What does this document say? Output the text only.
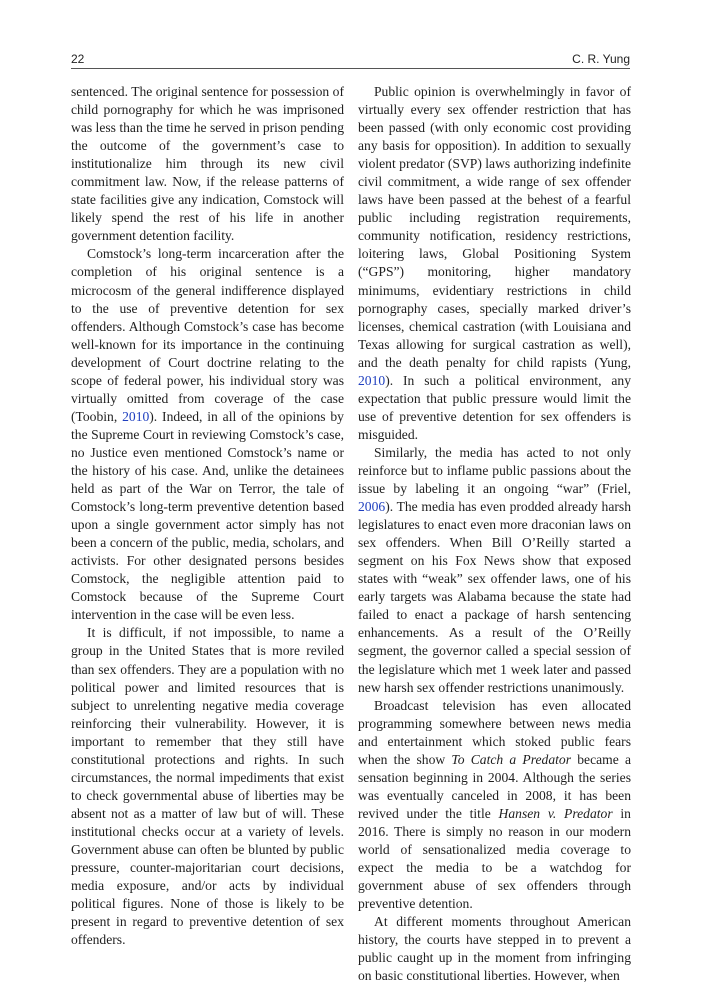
22	C. R. Yung

sentenced. The original sentence for possession of child pornography for which he was imprisoned was less than the time he served in prison pending the outcome of the government’s case to institutionalize him through its new civil commitment law. Now, if the release patterns of state facilities give any indication, Comstock will likely spend the rest of his life in another government detention facility.

Comstock’s long-term incarceration after the completion of his original sentence is a microcosm of the general indifference displayed to the use of preventive detention for sex offenders. Although Comstock’s case has become well-known for its importance in the continuing development of Court doctrine relating to the scope of federal power, his individual story was virtually omitted from coverage of the case (Toobin, 2010). Indeed, in all of the opinions by the Supreme Court in reviewing Comstock’s case, no Justice even mentioned Comstock’s name or the history of his case. And, unlike the detainees held as part of the War on Terror, the tale of Comstock’s long-term preventive detention based upon a single government actor simply has not been a concern of the public, media, scholars, and activists. For other designated persons besides Comstock, the negligible attention paid to Comstock because of the Supreme Court intervention in the case will be even less.

It is difficult, if not impossible, to name a group in the United States that is more reviled than sex offenders. They are a population with no political power and limited resources that is subject to unrelenting negative media coverage reinforcing their vulnerability. However, it is important to remember that they still have constitutional protections and rights. In such circumstances, the normal impediments that exist to check governmental abuse of liberties may be absent not as a matter of law but of will. These institutional checks occur at a variety of levels. Government abuse can often be blunted by public pressure, counter-majoritarian court decisions, media exposure, and/or acts by individual political figures. None of those is likely to be present in regard to preventive detention of sex offenders.

Public opinion is overwhelmingly in favor of virtually every sex offender restriction that has been passed (with only economic cost providing any basis for opposition). In addition to sexually violent predator (SVP) laws authorizing indefinite civil commitment, a wide range of sex offender laws have been passed at the behest of a fearful public including registration requirements, community notification, residency restrictions, loitering laws, Global Positioning System (“GPS”) monitoring, higher mandatory minimums, evidentiary restrictions in child pornography cases, specially marked driver’s licenses, chemical castration (with Louisiana and Texas allowing for surgical castration as well), and the death penalty for child rapists (Yung, 2010). In such a political environment, any expectation that public pressure would limit the use of preventive detention for sex offenders is misguided.

Similarly, the media has acted to not only reinforce but to inflame public passions about the issue by labeling it an ongoing “war” (Friel, 2006). The media has even prodded already harsh legislatures to enact even more draconian laws on sex offenders. When Bill O’Reilly started a segment on his Fox News show that exposed states with “weak” sex offender laws, one of his early targets was Alabama because the state had failed to enact a package of harsh sentencing enhancements. As a result of the O’Reilly segment, the governor called a special session of the legislature which met 1 week later and passed new harsh sex offender restrictions unanimously.

Broadcast television has even allocated programming somewhere between news media and entertainment which stoked public fears when the show To Catch a Predator became a sensation beginning in 2004. Although the series was eventually canceled in 2008, it has been revived under the title Hansen v. Predator in 2016. There is simply no reason in our modern world of sensationalized media coverage to expect the media to be a watchdog for government abuse of sex offenders through preventive detention.

At different moments throughout American history, the courts have stepped in to prevent a public caught up in the moment from infringing on basic constitutional liberties. However, when
